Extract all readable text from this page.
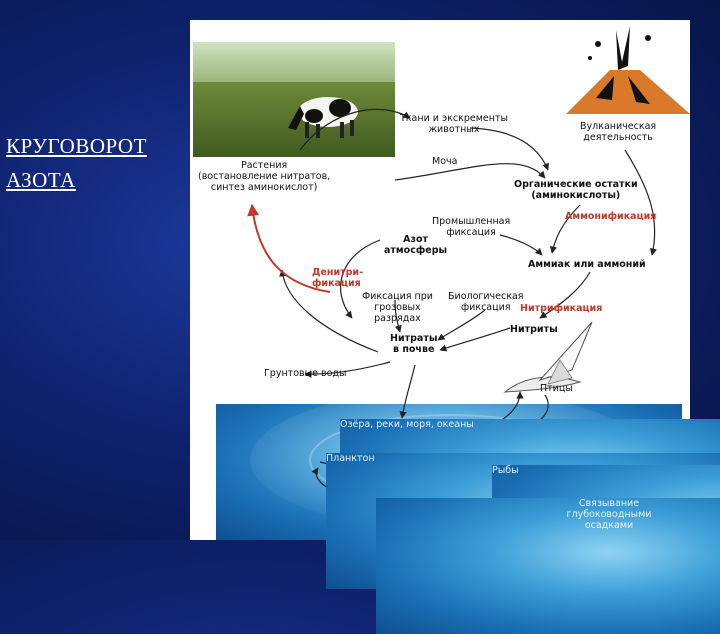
КРУГОВОРОТ
АЗОТА
Ткани и экскременты
животных	Вулканическая
деятельность
Растения
(востановление нитратов,
синтез аминокислот)
Моча
Органические остатки
(аминокислоты)
Промышленная
фиксация
Аммонификация
Азот
атмосферы
Аммиак или аммоний
Денитри-
фикация
Фиксация при
грозовых
разрядах
Биологическая
фиксация	Нитрификация
Нитриты
Нитраты
в почве
Грунтовые воды
Птицы
Озёра, реки, моря, океаны
Планктон
Рыбы
Связывание
глубоководными
осадками
